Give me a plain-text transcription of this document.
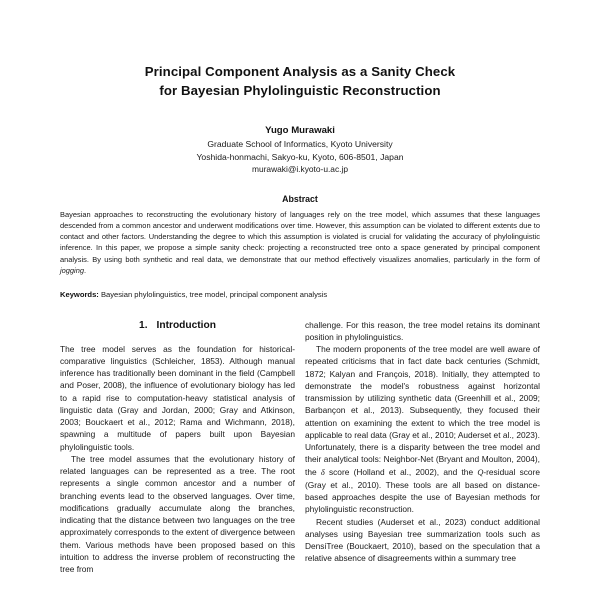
Principal Component Analysis as a Sanity Check
for Bayesian Phylolinguistic Reconstruction
Yugo Murawaki
Graduate School of Informatics, Kyoto University
Yoshida-honmachi, Sakyo-ku, Kyoto, 606-8501, Japan
murawaki@i.kyoto-u.ac.jp
Abstract
Bayesian approaches to reconstructing the evolutionary history of languages rely on the tree model, which assumes that these languages descended from a common ancestor and underwent modifications over time. However, this assumption can be violated to different extents due to contact and other factors. Understanding the degree to which this assumption is violated is crucial for validating the accuracy of phylolinguistic inference. In this paper, we propose a simple sanity check: projecting a reconstructed tree onto a space generated by principal component analysis. By using both synthetic and real data, we demonstrate that our method effectively visualizes anomalies, particularly in the form of jogging.
Keywords: Bayesian phylolinguistics, tree model, principal component analysis
1. Introduction

The tree model serves as the foundation for historical-comparative linguistics (Schleicher, 1853). Although manual inference has traditionally been dominant in the field (Campbell and Poser, 2008), the influence of evolutionary biology has led to a rapid rise to computation-heavy statistical analysis of linguistic data (Gray and Jordan, 2000; Gray and Atkinson, 2003; Bouckaert et al., 2012; Rama and Wichmann, 2018), spawning a multitude of papers built upon Bayesian phylolinguistic tools.

The tree model assumes that the evolutionary history of related languages can be represented as a tree. The root represents a single common ancestor and a number of branching events lead to the observed languages. Over time, modifications gradually accumulate along the branches, indicating that the distance between two languages on the tree approximately corresponds to the extent of divergence between them. Various methods have been proposed based on this intuition to address the inverse problem of reconstructing the tree from

challenge. For this reason, the tree model retains its dominant position in phylolinguistics.

The modern proponents of the tree model are well aware of repeated criticisms that in fact date back centuries (Schmidt, 1872; Kalyan and François, 2018). Initially, they attempted to demonstrate the model's robustness against horizontal transmission by utilizing synthetic data (Greenhill et al., 2009; Barbançon et al., 2013). Subsequently, they focused their attention on examining the extent to which the tree model is applicable to real data (Gray et al., 2010; Auderset et al., 2023). Unfortunately, there is a disparity between the tree model and their analytical tools: Neighbor-Net (Bryant and Moulton, 2004), the δ score (Holland et al., 2002), and the Q-residual score (Gray et al., 2010). These tools are all based on distance-based approaches despite the use of Bayesian methods for phylolinguistic reconstruction.

Recent studies (Auderset et al., 2023) conduct additional analyses using Bayesian tree summarization tools such as DensiTree (Bouckaert, 2010), based on the speculation that a relative absence of disagreements within a summary tree
